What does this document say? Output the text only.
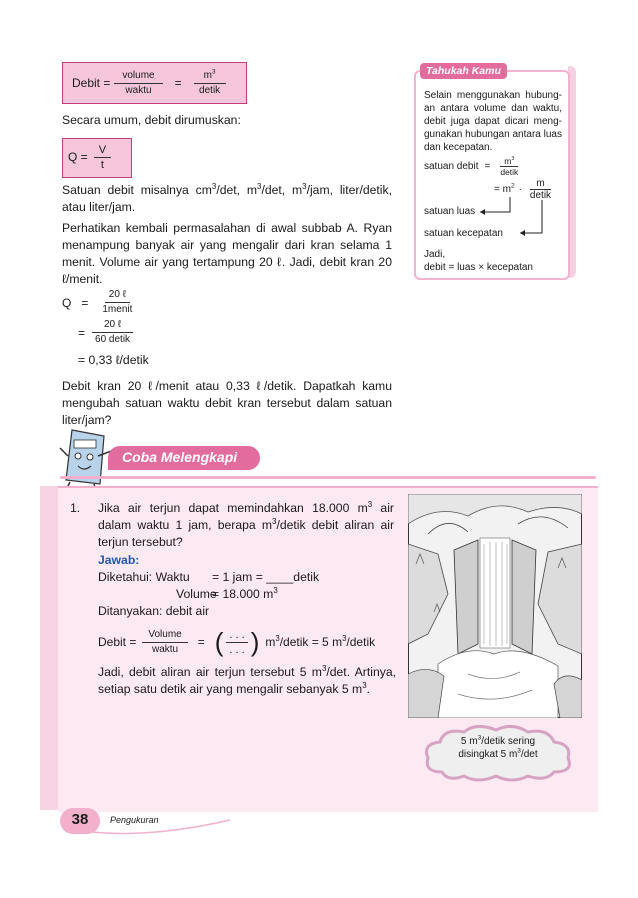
Debit = $\frac{\text{volume}}{\text{waktu}} = \frac{m^3}{\text{detik}}$
Secara umum, debit dirumuskan:
$Q = \frac{V}{t}$
Satuan debit misalnya $cm^3/\det$, $m^3/\det$, $m^3$/jam, liter/detik, atau liter/jam.
Perhatikan kembali permasalahan di awal subbab A. Ryan menampung banyak air yang mengalir dari kran selama 1 menit. Volume air yang tertampung 20 ℓ. Jadi, debit kran 20 ℓ/menit.
$Q = \frac{\text{20 ℓ}}{\text{1menit}}$
= $\frac{\text{20 ℓ}}{\text{60 detik}}$
= 0,33 ℓ/detik
Debit kran 20 ℓ/menit atau 0,33 ℓ/detik. Dapatkah kamu mengubah satuan waktu debit kran tersebut dalam satuan liter/jam?
Tahukah Kamu
Selain menggunakan hubung-an antara volume dan waktu, debit juga dapat dicari meng-gunakan hubungan antara luas dan kecepatan.
satuan debit = $\frac{m^3}{\text{detik}}$
= $m^2 \cdot \frac{m}{\text{detik}}$
satuan luas
satuan kecepatan
Jadi,
debit = luas × kecepatan
Coba Melengkapi
1. Jika air terjun dapat memindahkan 18.000 $m^3$ air dalam waktu 1 jam, berapa $m^3$/detik debit aliran air terjun tersebut?
Jawab:
Diketahui: Waktu = 1 jam = ____detik
Volume
= 18.000 $m^3$
Ditanyakan: debit air
Debit = $\frac{\text{Volume}}{\text{waktu}}$ = ( $\frac{. . .}{. . .}$ ) $m^3$/detik = 5 $m^3$/detik
Jadi, debit aliran air terjun tersebut 5 $m^3/\det$. Artinya, setiap satu detik air yang mengalir sebanyak 5 $m^3$.
5 $m^3$/detik sering
disingkat 5 $m^3/\det$
38	Pengukuran
